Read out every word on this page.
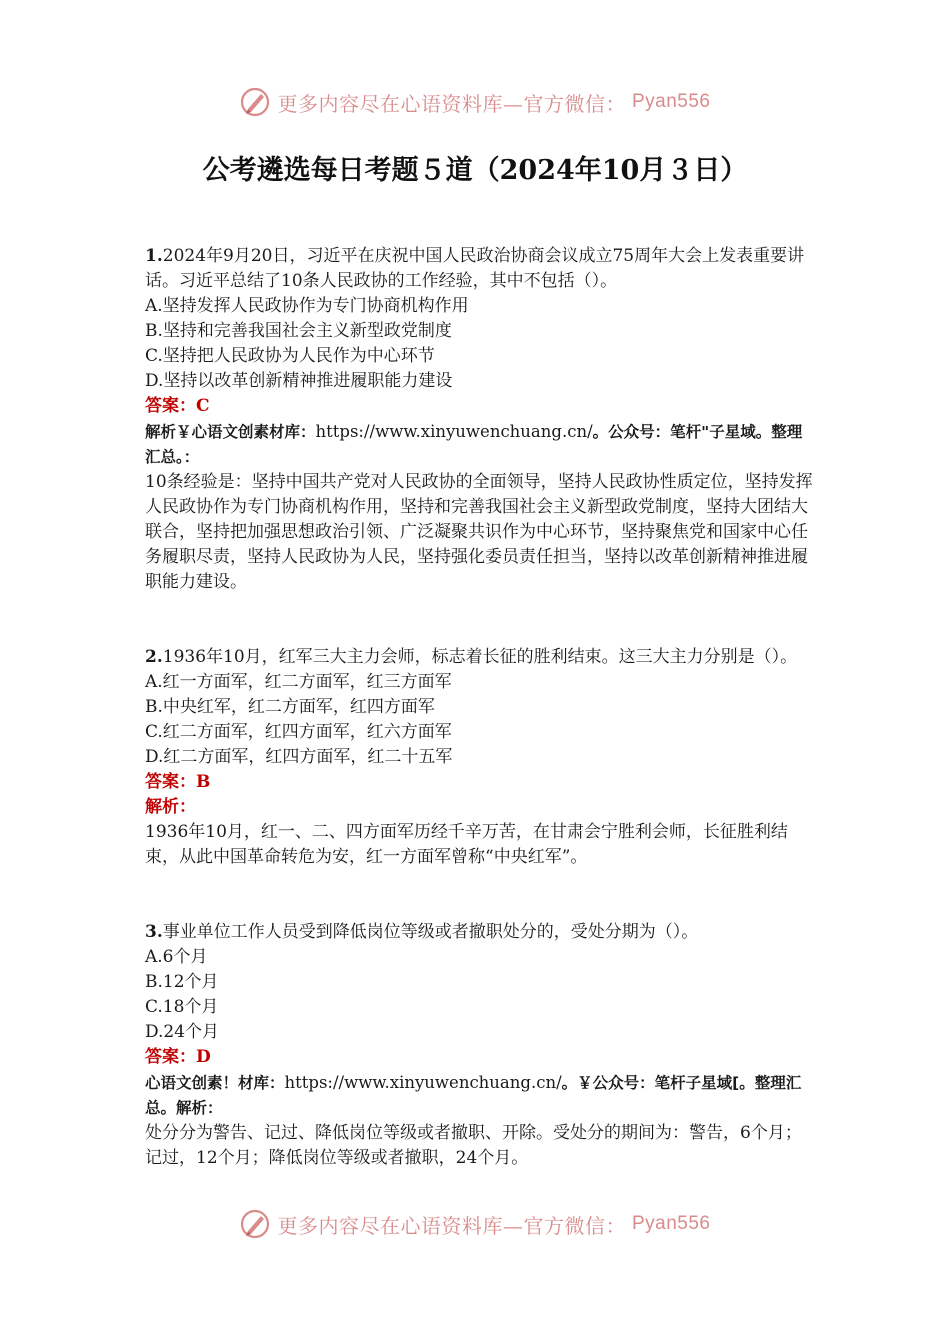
更多内容尽在心语资料库—官方微信： Pyan556
公考遴选每日考题５道（2024年10月３日）

1.2024年9月20日，习近平在庆祝中国人民政治协商会议成立75周年大会上发表重要讲话。习近平总结了10条人民政协的工作经验，其中不包括（）。

A.坚持发挥人民政协作为专门协商机构作用

B.坚持和完善我国社会主义新型政党制度

C.坚持把人民政协为人民作为中心环节

D.坚持以改革创新精神推进履职能力建设

答案：C

解析￥心语文创素材库：https://www.xinyuwenchuang.cn/。公众号：笔杆"子星域。整理汇总。：

10条经验是：坚持中国共产党对人民政协的全面领导，坚持人民政协性质定位，坚持发挥人民政协作为专门协商机构作用，坚持和完善我国社会主义新型政党制度，坚持大团结大联合，坚持把加强思想政治引领、广泛凝聚共识作为中心环节，坚持聚焦党和国家中心任务履职尽责，坚持人民政协为人民，坚持强化委员责任担当，坚持以改革创新精神推进履职能力建设。

2.1936年10月，红军三大主力会师，标志着长征的胜利结束。这三大主力分别是（）。

A.红一方面军，红二方面军，红三方面军

B.中央红军，红二方面军，红四方面军

C.红二方面军，红四方面军，红六方面军

D.红二方面军，红四方面军，红二十五军

答案：B

解析：

1936年10月，红一、二、四方面军历经千辛万苦，在甘肃会宁胜利会师，长征胜利结束，从此中国革命转危为安，红一方面军曾称“中央红军”。

3.事业单位工作人员受到降低岗位等级或者撤职处分的，受处分期为（）。

A.6个月

B.12个月

C.18个月

D.24个月

答案：D

心语文创素！材库：https://www.xinyuwenchuang.cn/。￥公众号：笔杆子星域[。整理汇总。解析：

处分分为警告、记过、降低岗位等级或者撤职、开除。受处分的期间为：警告，6个月；记过，12个月；降低岗位等级或者撤职，24个月。

更多内容尽在心语资料库—官方微信： Pyan556
